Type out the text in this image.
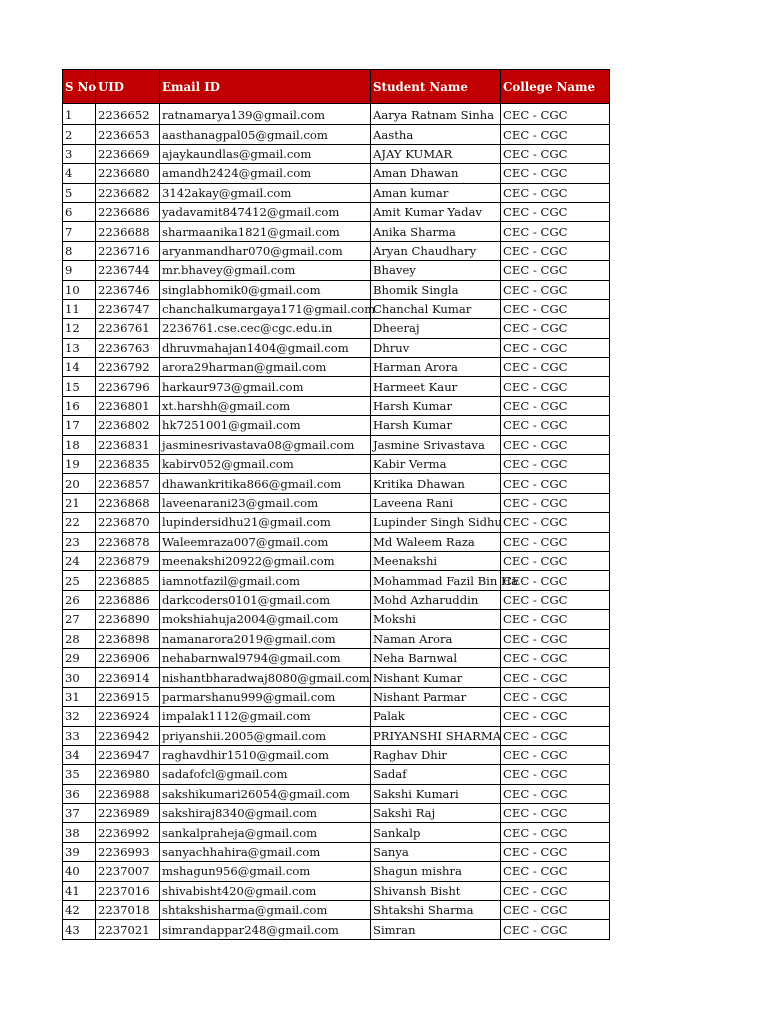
S No	UID	Email ID	Student Name	College Name
1	2236652	ratnamarya139@gmail.com	Aarya Ratnam Sinha	CEC - CGC
2	2236653	aasthanagpal05@gmail.com	Aastha	CEC - CGC
3	2236669	ajaykaundlas@gmail.com	AJAY KUMAR	CEC - CGC
4	2236680	amandh2424@gmail.com	Aman Dhawan	CEC - CGC
5	2236682	3142akay@gmail.com	Aman kumar	CEC - CGC
6	2236686	yadavamit847412@gmail.com	Amit Kumar Yadav	CEC - CGC
7	2236688	sharmaanika1821@gmail.com	Anika Sharma	CEC - CGC
8	2236716	aryanmandhar070@gmail.com	Aryan Chaudhary	CEC - CGC
9	2236744	mr.bhavey@gmail.com	Bhavey	CEC - CGC
10	2236746	singlabhomik0@gmail.com	Bhomik Singla	CEC - CGC
11	2236747	chanchalkumargaya171@gmail.com	Chanchal Kumar	CEC - CGC
12	2236761	2236761.cse.cec@cgc.edu.in	Dheeraj	CEC - CGC
13	2236763	dhruvmahajan1404@gmail.com	Dhruv	CEC - CGC
14	2236792	arora29harman@gmail.com	Harman Arora	CEC - CGC
15	2236796	harkaur973@gmail.com	Harmeet Kaur	CEC - CGC
16	2236801	xt.harshh@gmail.com	Harsh Kumar	CEC - CGC
17	2236802	hk7251001@gmail.com	Harsh Kumar	CEC - CGC
18	2236831	jasminesrivastava08@gmail.com	Jasmine Srivastava	CEC - CGC
19	2236835	kabirv052@gmail.com	Kabir Verma	CEC - CGC
20	2236857	dhawankritika866@gmail.com	Kritika Dhawan	CEC - CGC
21	2236868	laveenarani23@gmail.com	Laveena Rani	CEC - CGC
22	2236870	lupindersidhu21@gmail.com	Lupinder Singh Sidhu	CEC - CGC
23	2236878	Waleemraza007@gmail.com	Md Waleem Raza	CEC - CGC
24	2236879	meenakshi20922@gmail.com	Meenakshi	CEC - CGC
25	2236885	iamnotfazil@gmail.com	Mohammad Fazil Bin Ha	CEC - CGC
26	2236886	darkcoders0101@gmail.com	Mohd Azharuddin	CEC - CGC
27	2236890	mokshiahuja2004@gmail.com	Mokshi	CEC - CGC
28	2236898	namanarora2019@gmail.com	Naman Arora	CEC - CGC
29	2236906	nehabarnwal9794@gmail.com	Neha Barnwal	CEC - CGC
30	2236914	nishantbharadwaj8080@gmail.com	Nishant Kumar	CEC - CGC
31	2236915	parmarshanu999@gmail.com	Nishant Parmar	CEC - CGC
32	2236924	impalak1112@gmail.com	Palak	CEC - CGC
33	2236942	priyanshii.2005@gmail.com	PRIYANSHI SHARMA	CEC - CGC
34	2236947	raghavdhir1510@gmail.com	Raghav Dhir	CEC - CGC
35	2236980	sadafofcl@gmail.com	Sadaf	CEC - CGC
36	2236988	sakshikumari26054@gmail.com	Sakshi Kumari	CEC - CGC
37	2236989	sakshiraj8340@gmail.com	Sakshi Raj	CEC - CGC
38	2236992	sankalpraheja@gmail.com	Sankalp	CEC - CGC
39	2236993	sanyachhahira@gmail.com	Sanya	CEC - CGC
40	2237007	mshagun956@gmail.com	Shagun mishra	CEC - CGC
41	2237016	shivabisht420@gmail.com	Shivansh Bisht	CEC - CGC
42	2237018	shtakshisharma@gmail.com	Shtakshi Sharma	CEC - CGC
43	2237021	simrandappar248@gmail.com	Simran	CEC - CGC
